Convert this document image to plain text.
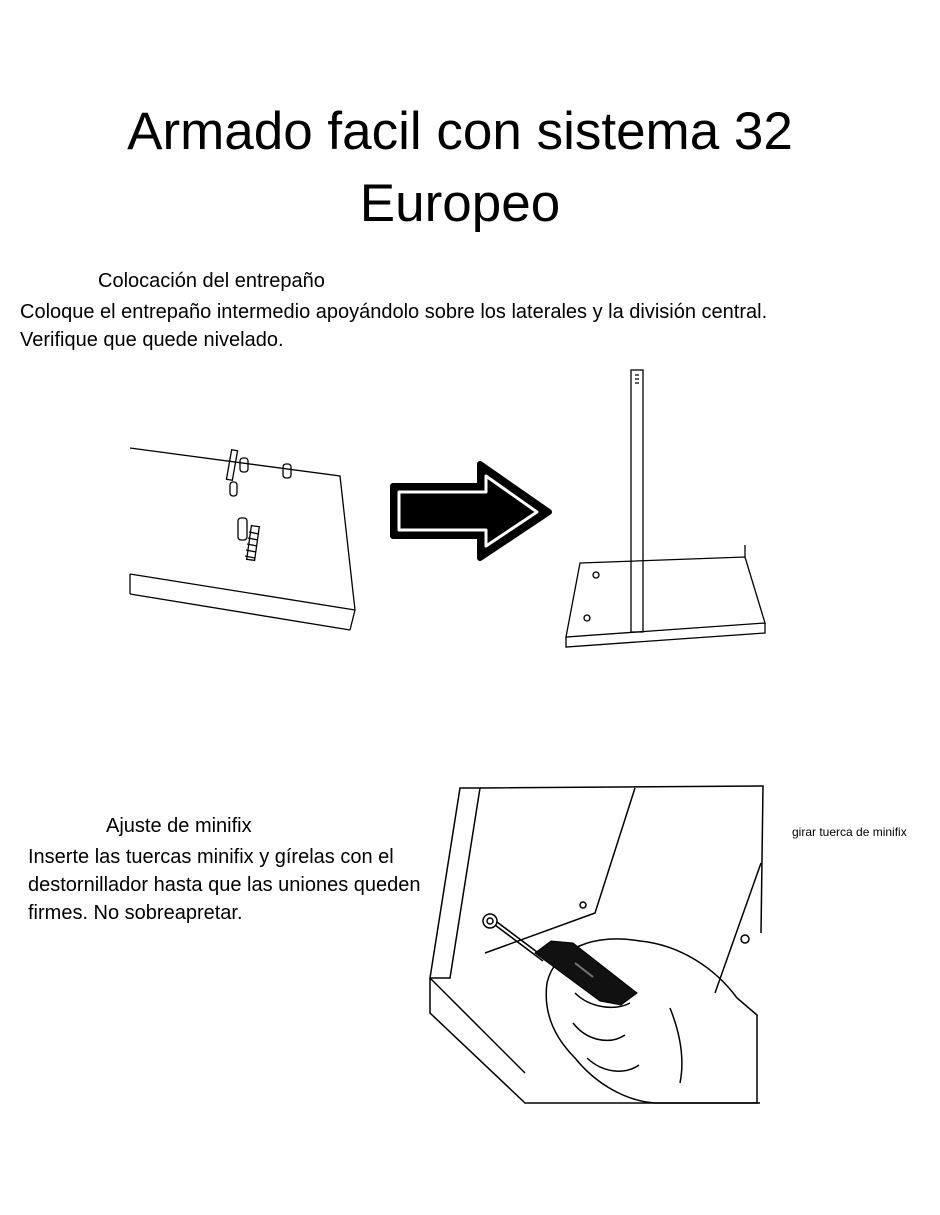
Armado facil con sistema 32
Europeo
Colocación del entrepaño
Coloque el entrepaño intermedio apoyándolo sobre los laterales y la división central.
Verifique que quede nivelado.
Ajuste de minifix
Inserte las tuercas minifix y gírelas con el destornillador hasta que las uniones queden firmes. No sobreapretar.
girar tuerca de minifix
